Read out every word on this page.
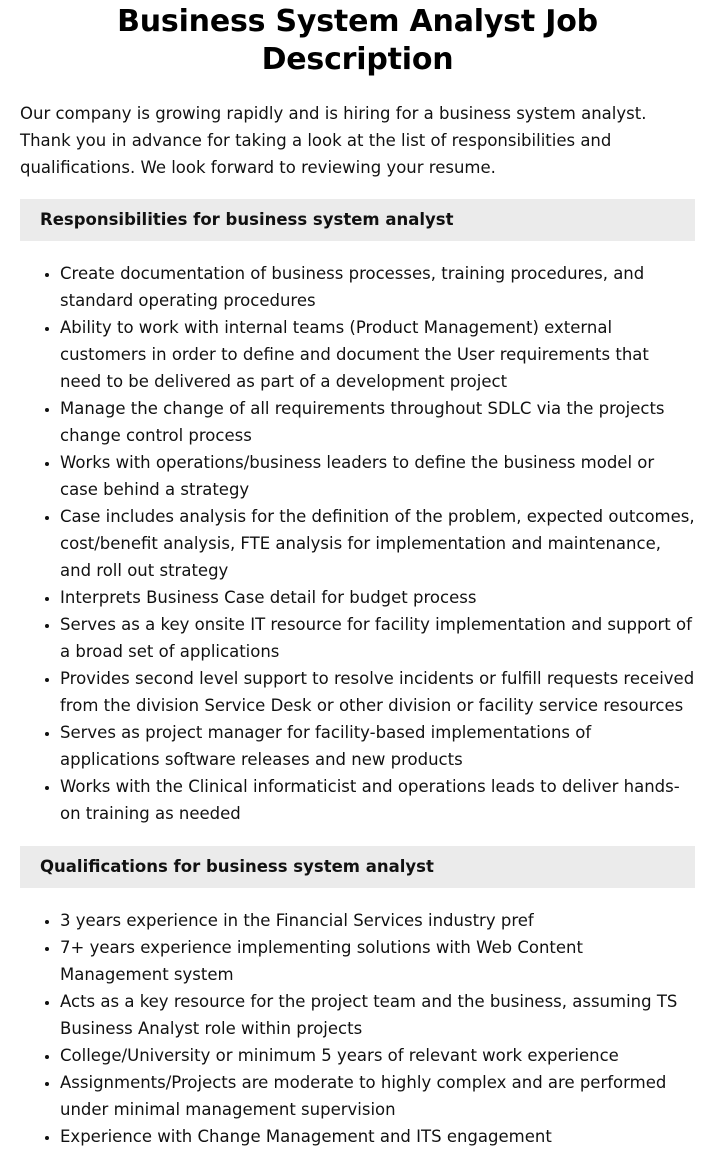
Business System Analyst Job Description

Our company is growing rapidly and is hiring for a business system analyst. Thank you in advance for taking a look at the list of responsibilities and qualifications. We look forward to reviewing your resume.

Responsibilities for business system analyst
• Create documentation of business processes, training procedures, and standard operating procedures
• Ability to work with internal teams (Product Management) external customers in order to define and document the User requirements that need to be delivered as part of a development project
• Manage the change of all requirements throughout SDLC via the projects change control process
• Works with operations/business leaders to define the business model or case behind a strategy
• Case includes analysis for the definition of the problem, expected outcomes, cost/benefit analysis, FTE analysis for implementation and maintenance, and roll out strategy
• Interprets Business Case detail for budget process
• Serves as a key onsite IT resource for facility implementation and support of a broad set of applications
• Provides second level support to resolve incidents or fulfill requests received from the division Service Desk or other division or facility service resources
• Serves as project manager for facility-based implementations of applications software releases and new products
• Works with the Clinical informaticist and operations leads to deliver hands-on training as needed
Qualifications for business system analyst
• 3 years experience in the Financial Services industry pref
• 7+ years experience implementing solutions with Web Content Management system
• Acts as a key resource for the project team and the business, assuming TS Business Analyst role within projects
• College/University or minimum 5 years of relevant work experience
• Assignments/Projects are moderate to highly complex and are performed under minimal management supervision
• Experience with Change Management and ITS engagement
